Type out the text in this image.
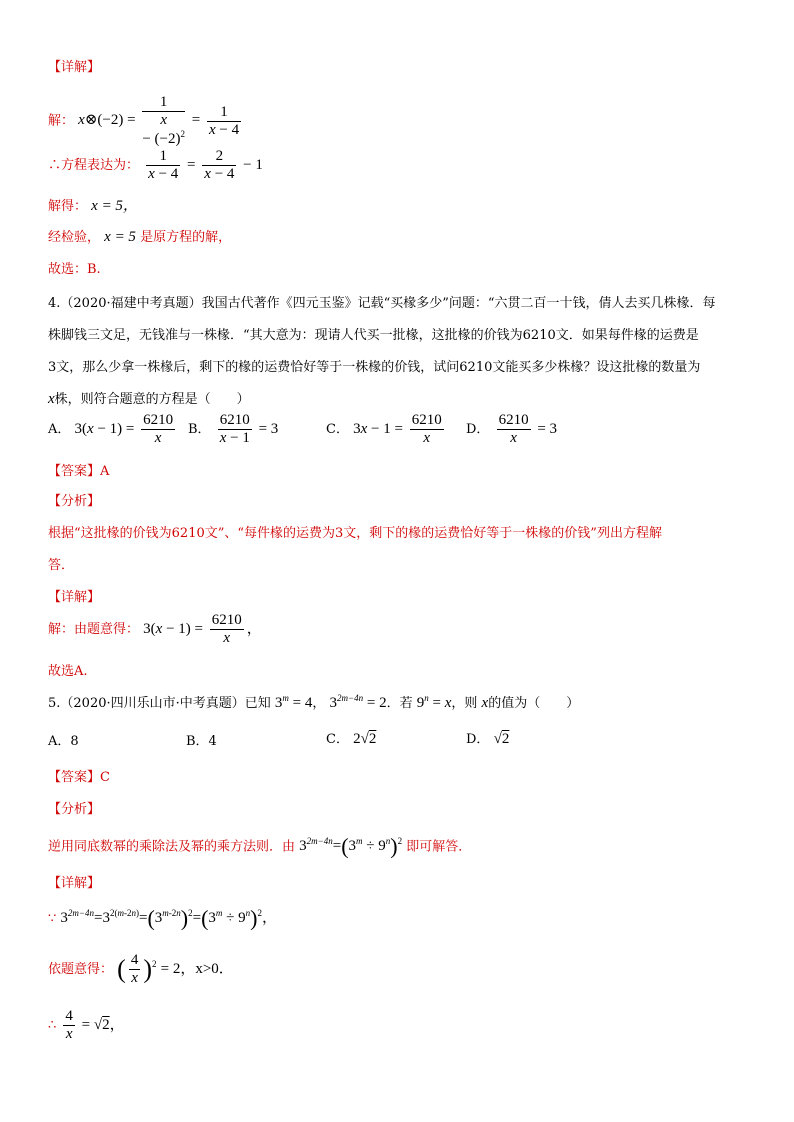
【详解】
解： x⊗(−2) =
1
x
− $(-2)^2 = \frac{1}{x - 4}$
∴方程表达为： $\frac{1}{x - 4} = \frac{2}{x - 4} - 1$
解得： x = 5，
经检验， x = 5 是原方程的解，
故选：B.
4.（2020·福建中考真题）我国古代著作《四元玉鉴》记载“买椽多少”问题：“六贯二百一十钱，倩人去买几株椽．每
株脚钱三文足，无钱准与一株椽．“其大意为：现请人代买一批椽，这批椽的价钱为6210文．如果每件椽的运费是
3文，那么少拿一株椽后，剩下的椽的运费恰好等于一株椽的价钱，试问6210文能买多少株椽？设这批椽的数量为
x株，则符合题意的方程是（　　）
A． $3(x - 1) = \frac{6210}{x}$ B． $\frac{6210}{x - 1} = 3$	C． $3x - 1 = \frac{6210}{x}$ D． $\frac{6210}{x} = 3$
【答案】A
【分析】
根据“这批椽的价钱为6210文”、“每件椽的运费为3文，剩下的椽的运费恰好等于一株椽的价钱”列出方程解
答．
【详解】
解：由题意得： $3(x - 1) = \frac{6210}{x}$ ，
故选A.
5.（2020·四川乐山市·中考真题）已知 $3^m = 4$， $3^{2m-4n} = 2$．若 $9^n = x$，则 x的值为（　　）
A．8	B．4	C． 2√2	D． √2
【答案】C
【分析】
逆用同底数幂的乘除法及幂的乘方法则．由 $3^{2m-4n}=(3^m \div 9^n)^2$ 即可解答．
【详解】
∵ $3^{2m-4n}=3^{2(m-2n)}=(3^{m-2n})^2=(3^m \div 9^n)^2$，
依题意得： ( $\frac{4}{x} )^2 = 2$，x>0．
∴ $\frac{4}{x} = √2$，
